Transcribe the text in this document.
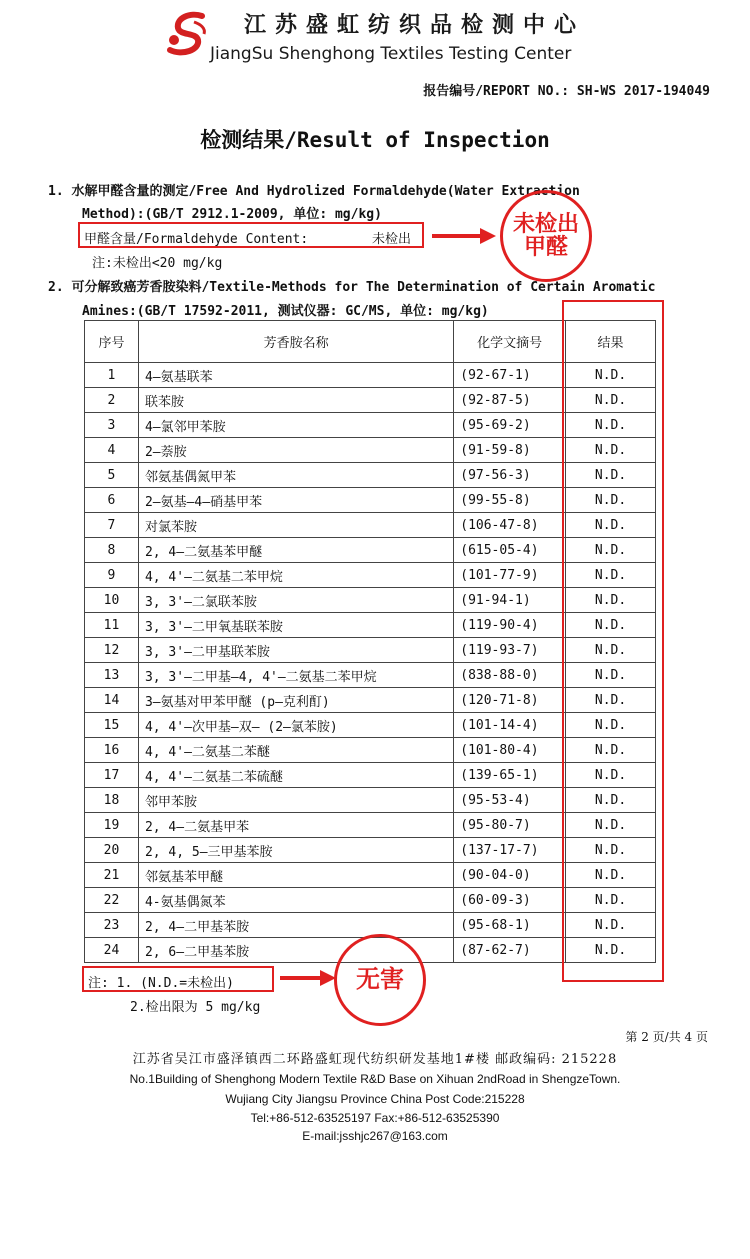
江苏盛虹纺织品检测中心
JiangSu Shenghong Textiles Testing Center
报告编号/REPORT NO.: SH-WS 2017-194049
检测结果/Result of Inspection
1. 水解甲醛含量的测定/Free And Hydrolized Formaldehyde(Water Extraction
Method):(GB/T 2912.1-2009, 单位: mg/kg)
甲醛含量/Formaldehyde Content:	未检出
注:未检出<20 mg/kg
未检出
甲醛
2. 可分解致癌芳香胺染料/Textile-Methods for The Determination of Certain Aromatic
Amines:(GB/T 17592-2011, 测试仪器: GC/MS, 单位: mg/kg)
序号	芳香胺名称	化学文摘号	结果
1	4—氨基联苯	(92-67-1)	N.D.
2	联苯胺	(92-87-5)	N.D.
3	4—氯邻甲苯胺	(95-69-2)	N.D.
4	2—萘胺	(91-59-8)	N.D.
5	邻氨基偶氮甲苯	(97-56-3)	N.D.
6	2—氨基—4—硝基甲苯	(99-55-8)	N.D.
7	对氯苯胺	(106-47-8)	N.D.
8	2, 4—二氨基苯甲醚	(615-05-4)	N.D.
9	4, 4'—二氨基二苯甲烷	(101-77-9)	N.D.
10	3, 3'—二氯联苯胺	(91-94-1)	N.D.
11	3, 3'—二甲氧基联苯胺	(119-90-4)	N.D.
12	3, 3'—二甲基联苯胺	(119-93-7)	N.D.
13	3, 3'—二甲基—4, 4'—二氨基二苯甲烷	(838-88-0)	N.D.
14	3—氨基对甲苯甲醚 (p—克利酊)	(120-71-8)	N.D.
15	4, 4'—次甲基—双— (2—氯苯胺)	(101-14-4)	N.D.
16	4, 4'—二氨基二苯醚	(101-80-4)	N.D.
17	4, 4'—二氨基二苯硫醚	(139-65-1)	N.D.
18	邻甲苯胺	(95-53-4)	N.D.
19	2, 4—二氨基甲苯	(95-80-7)	N.D.
20	2, 4, 5—三甲基苯胺	(137-17-7)	N.D.
21	邻氨基苯甲醚	(90-04-0)	N.D.
22	4-氨基偶氮苯	(60-09-3)	N.D.
23	2, 4—二甲基苯胺	(95-68-1)	N.D.
24	2, 6—二甲基苯胺	(87-62-7)	N.D.
注: 1. (N.D.=未检出)
2.检出限为 5 mg/kg
无害
第 2 页/共 4 页
江苏省吴江市盛泽镇西二环路盛虹现代纺织研发基地1#楼 邮政编码: 215228
No.1Building of Shenghong Modern Textile R&D Base on Xihuan 2ndRoad in ShengzeTown.
Wujiang City Jiangsu Province China Post Code:215228
Tel:+86-512-63525197 Fax:+86-512-63525390
E-mail:jsshjc267@163.com
